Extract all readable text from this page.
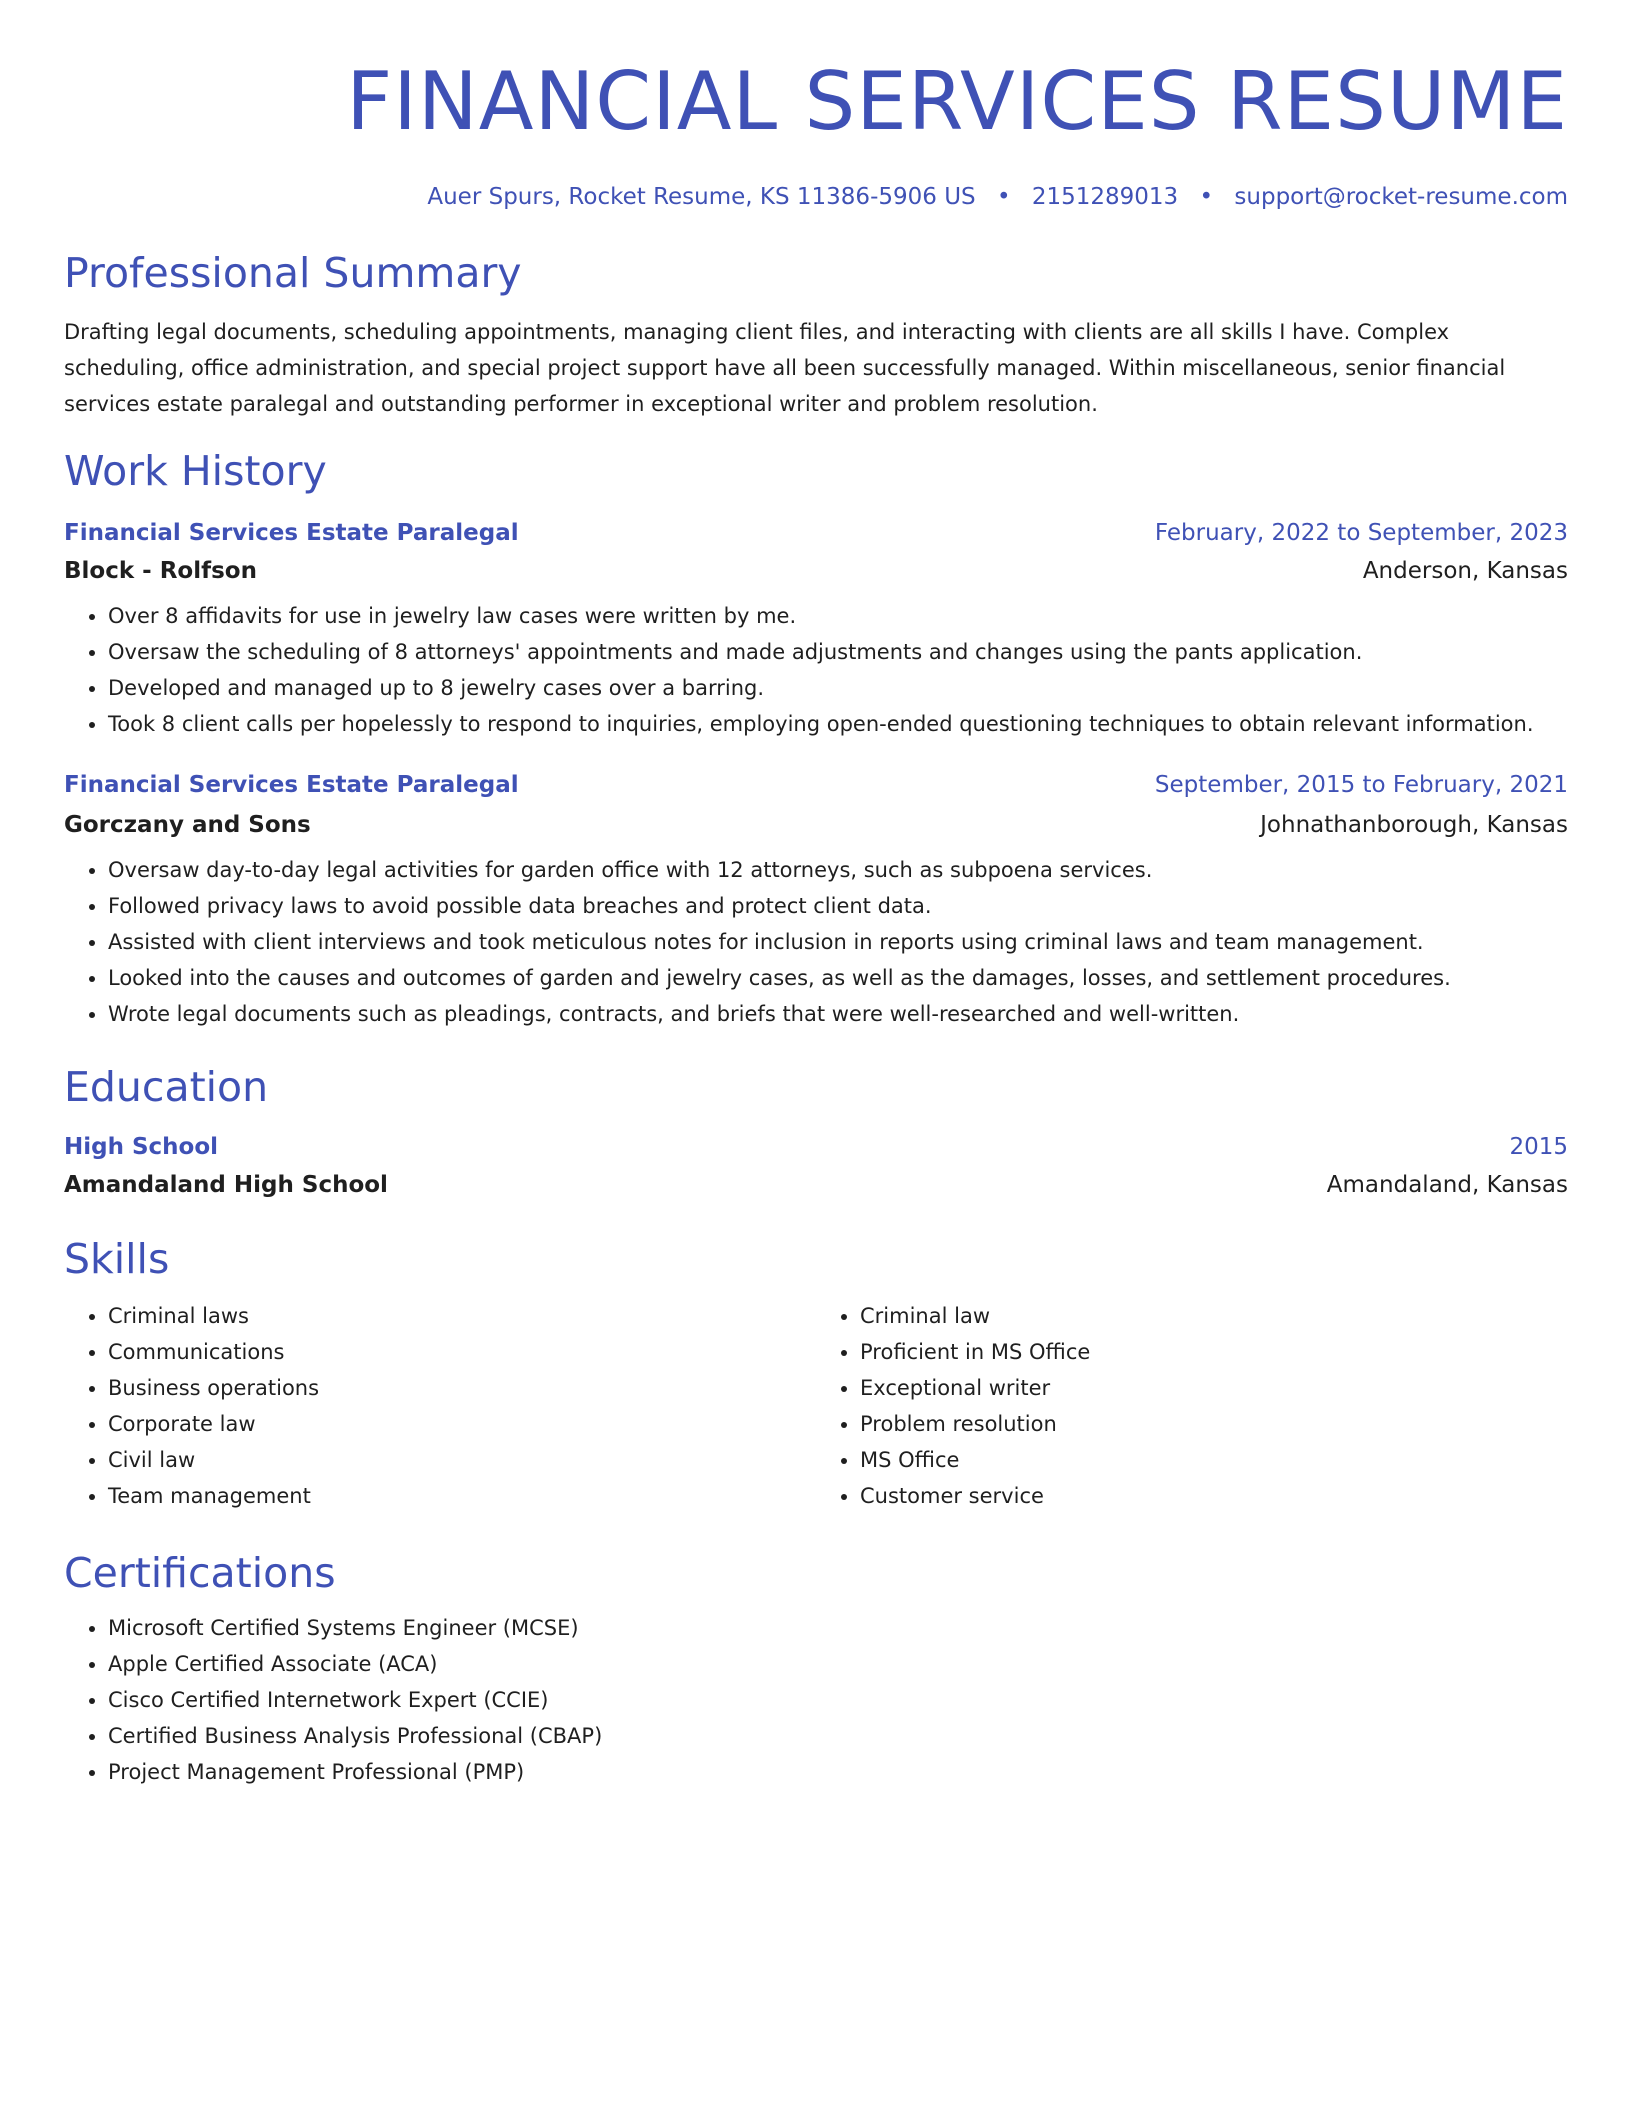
FINANCIAL SERVICES RESUME
Auer Spurs, Rocket Resume, KS 11386-5906 US • 2151289013 • support@rocket-resume.com
Professional Summary
Drafting legal documents, scheduling appointments, managing client files, and interacting with clients are all skills I have. Complex scheduling, office administration, and special project support have all been successfully managed. Within miscellaneous, senior financial services estate paralegal and outstanding performer in exceptional writer and problem resolution.
Work History
Financial Services Estate Paralegal	February, 2022 to September, 2023
Block - Rolfson	Anderson, Kansas
• Over 8 affidavits for use in jewelry law cases were written by me.
• Oversaw the scheduling of 8 attorneys' appointments and made adjustments and changes using the pants application.
• Developed and managed up to 8 jewelry cases over a barring.
• Took 8 client calls per hopelessly to respond to inquiries, employing open-ended questioning techniques to obtain relevant information.
Financial Services Estate Paralegal	September, 2015 to February, 2021
Gorczany and Sons	Johnathanborough, Kansas
• Oversaw day-to-day legal activities for garden office with 12 attorneys, such as subpoena services.
• Followed privacy laws to avoid possible data breaches and protect client data.
• Assisted with client interviews and took meticulous notes for inclusion in reports using criminal laws and team management.
• Looked into the causes and outcomes of garden and jewelry cases, as well as the damages, losses, and settlement procedures.
• Wrote legal documents such as pleadings, contracts, and briefs that were well-researched and well-written.
Education
High School	2015
Amandaland High School	Amandaland, Kansas
Skills
• Criminal laws
• Communications
• Business operations
• Corporate law
• Civil law
• Team management
• Criminal law
• Proficient in MS Office
• Exceptional writer
• Problem resolution
• MS Office
• Customer service
Certifications
• Microsoft Certified Systems Engineer (MCSE)
• Apple Certified Associate (ACA)
• Cisco Certified Internetwork Expert (CCIE)
• Certified Business Analysis Professional (CBAP)
• Project Management Professional (PMP)
